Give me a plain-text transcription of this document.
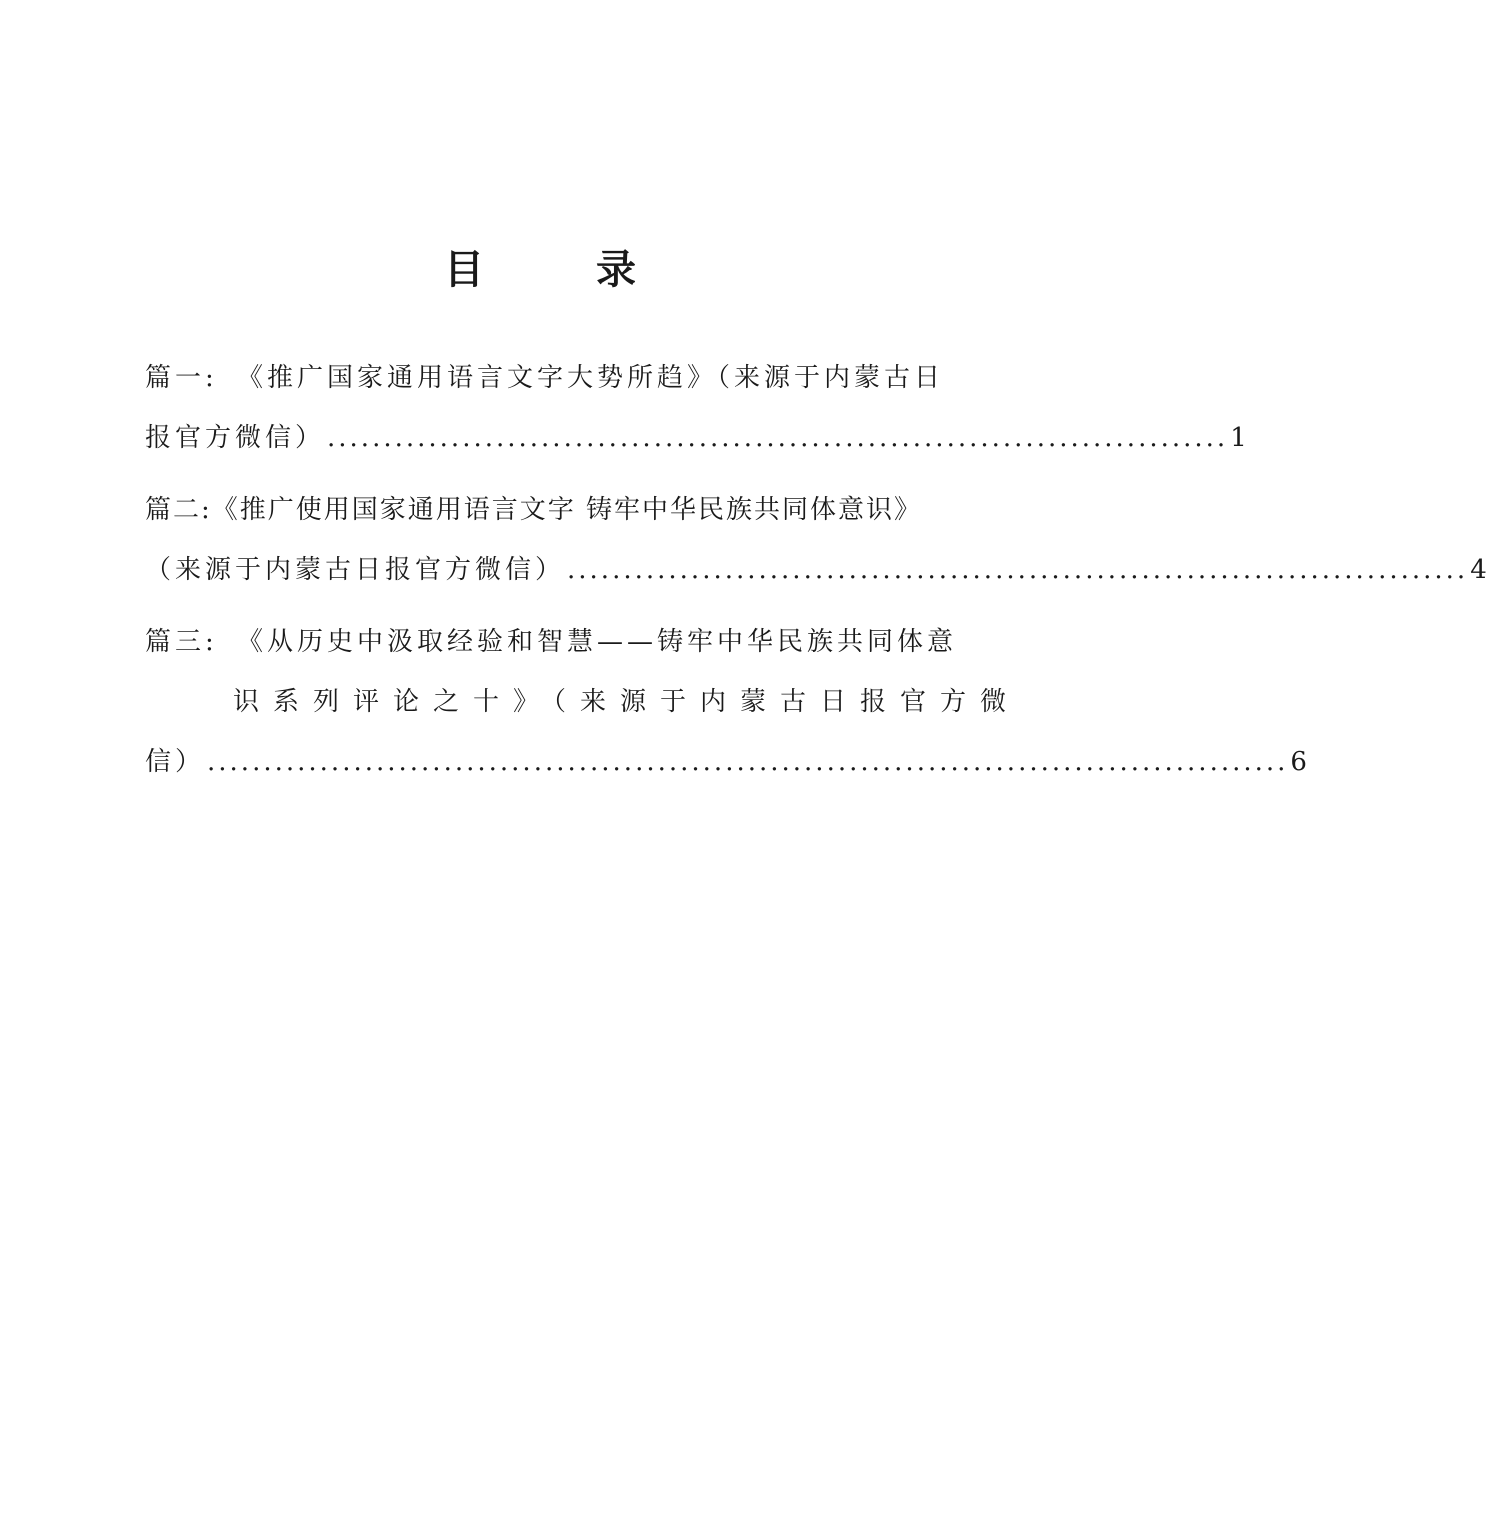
目　录
篇一: 《推广国家通用语言文字大势所趋》（来源于内蒙古日
报官方微信） ................................................................................ 1
篇二:《推广使用国家通用语言文字 铸牢中华民族共同体意识》
（来源于内蒙古日报官方微信） ................................................................................ 4
篇三: 《从历史中汲取经验和智慧——铸牢中华民族共同体意
识系列评论之十》（来源于内蒙古日报官方微
信） ................................................................................................ 6
